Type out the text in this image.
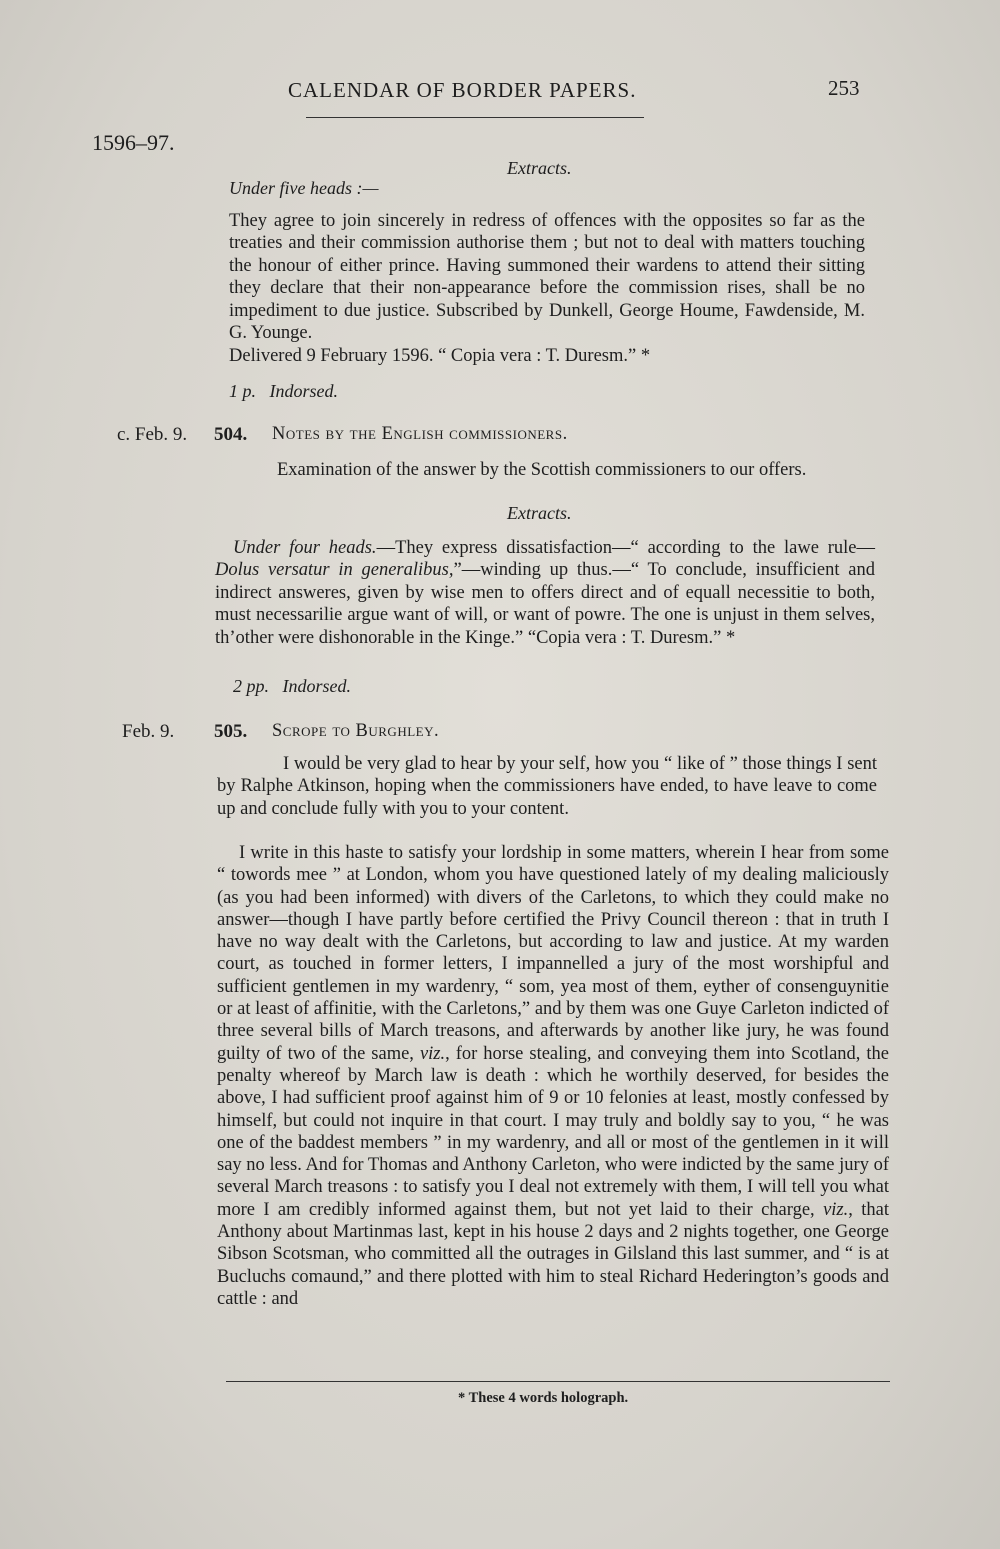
CALENDAR OF BORDER PAPERS.	253
1596–97.
Extracts.
Under five heads :—
They agree to join sincerely in redress of offences with the opposites so far as the treaties and their commission authorise them ; but not to deal with matters touching the honour of either prince. Having summoned their wardens to attend their sitting they declare that their non-appearance before the commission rises, shall be no impediment to due justice. Subscribed by Dunkell, George Houme, Fawdenside, M. G. Younge.
Delivered 9 February 1596. “ Copia vera : T. Duresm.” *
1 p. Indorsed.
c. Feb. 9. 504. Notes by the English commissioners.
Examination of the answer by the Scottish commissioners to our offers.
Extracts.
Under four heads.—They express dissatisfaction—“ according to the lawe rule—Dolus versatur in generalibus,”—winding up thus.—“ To conclude, insufficient and indirect answeres, given by wise men to offers direct and of equall necessitie to both, must necessarilie argue want of will, or want of powre. The one is unjust in them selves, th’other were dishonorable in the Kinge.” “Copia vera : T. Duresm.” *
2 pp. Indorsed.
Feb. 9. 505. Scrope to Burghley.
I would be very glad to hear by your self, how you “ like of ” those things I sent by Ralphe Atkinson, hoping when the commissioners have ended, to have leave to come up and conclude fully with you to your content.
I write in this haste to satisfy your lordship in some matters, wherein I hear from some “ towords mee ” at London, whom you have questioned lately of my dealing maliciously (as you had been informed) with divers of the Carletons, to which they could make no answer—though I have partly before certified the Privy Council thereon : that in truth I have no way dealt with the Carletons, but according to law and justice. At my warden court, as touched in former letters, I impannelled a jury of the most worshipful and sufficient gentlemen in my wardenry, “ som, yea most of them, eyther of consenguynitie or at least of affinitie, with the Carletons,” and by them was one Guye Carleton indicted of three several bills of March treasons, and afterwards by another like jury, he was found guilty of two of the same, viz., for horse stealing, and conveying them into Scotland, the penalty whereof by March law is death : which he worthily deserved, for besides the above, I had sufficient proof against him of 9 or 10 felonies at least, mostly confessed by himself, but could not inquire in that court. I may truly and boldly say to you, “ he was one of the baddest members ” in my wardenry, and all or most of the gentlemen in it will say no less. And for Thomas and Anthony Carleton, who were indicted by the same jury of several March treasons : to satisfy you I deal not extremely with them, I will tell you what more I am credibly informed against them, but not yet laid to their charge, viz., that Anthony about Martinmas last, kept in his house 2 days and 2 nights together, one George Sibson Scotsman, who committed all the outrages in Gilsland this last summer, and “ is at Bucluchs comaund,” and there plotted with him to steal Richard Hederington’s goods and cattle : and
* These 4 words holograph.
